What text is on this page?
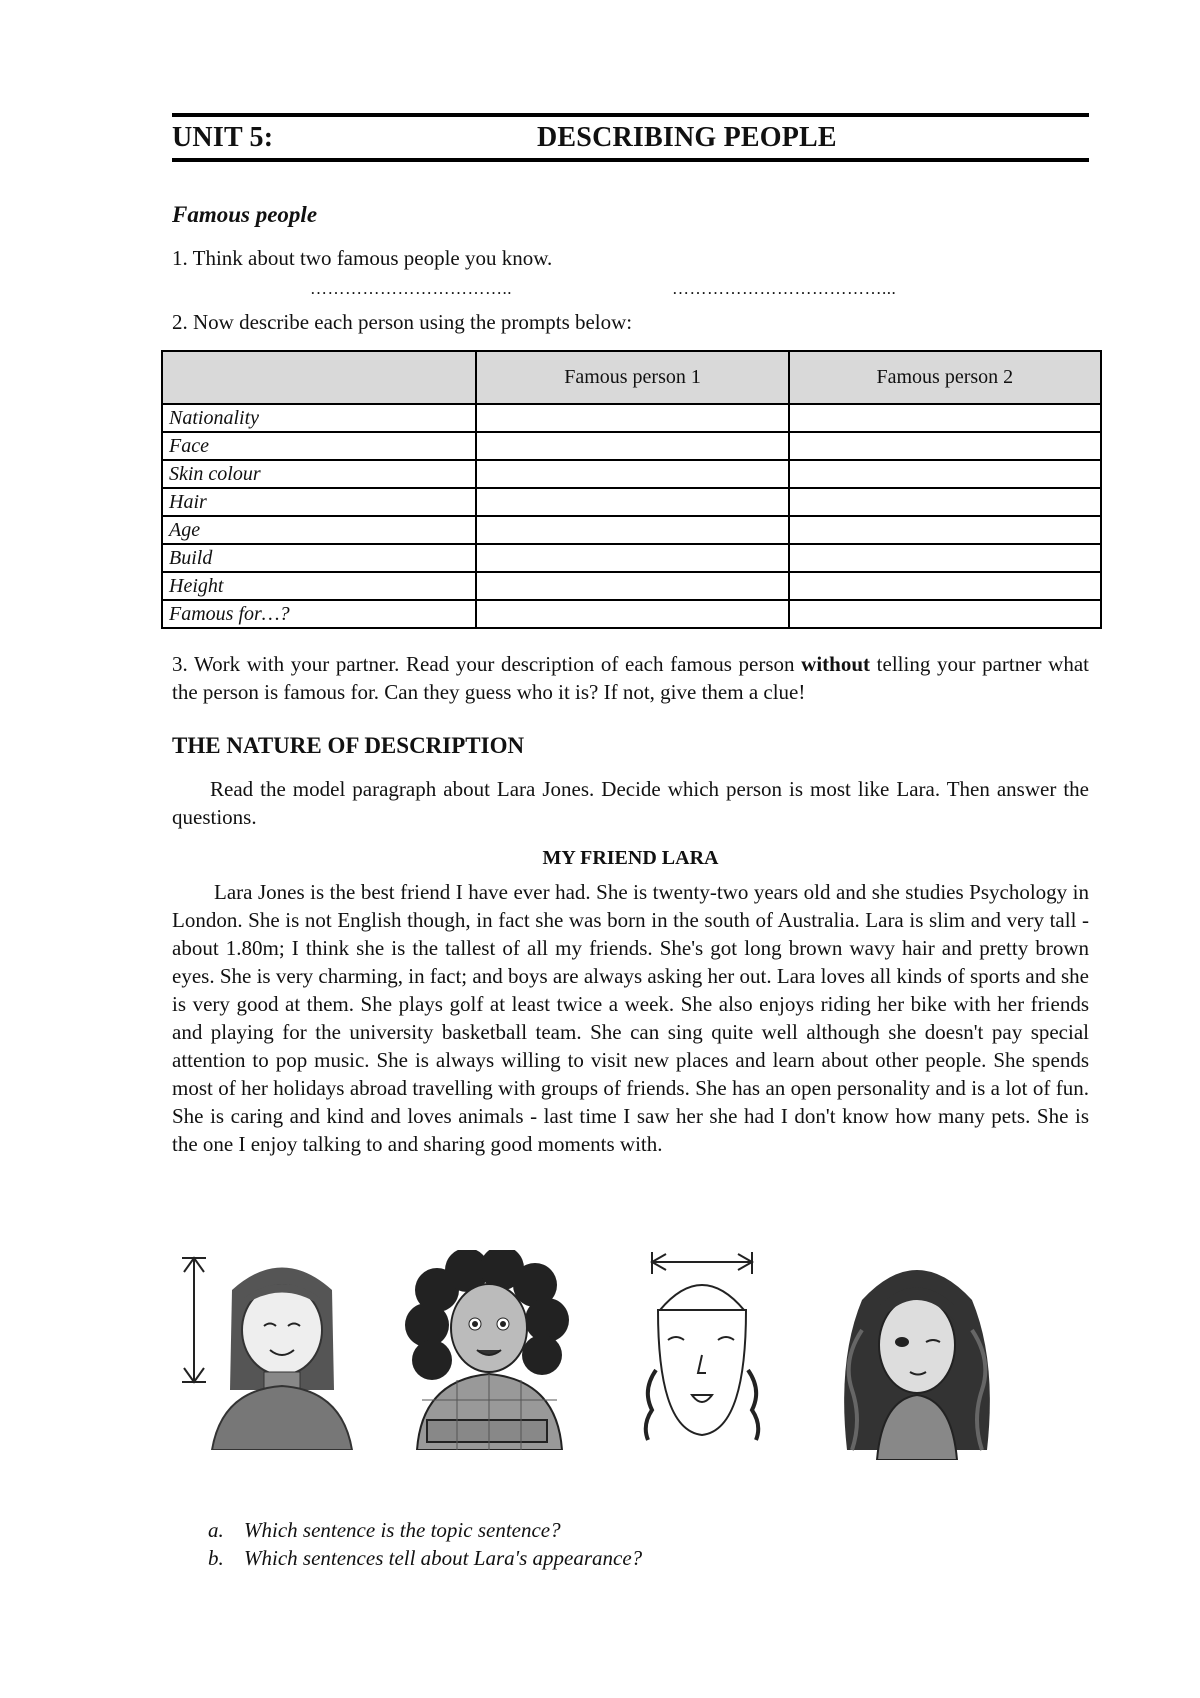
UNIT 5:	DESCRIBING PEOPLE
Famous people
1. Think about two famous people you know.
……………………………..	………………………………...
2. Now describe each person using the prompts below:
	Famous person 1	Famous person 2
Nationality		
Face		
Skin colour		
Hair		
Age		
Build		
Height		
Famous for…?		
3. Work with your partner. Read your description of each famous person without telling your partner what the person is famous for. Can they guess who it is? If not, give them a clue!
THE NATURE OF DESCRIPTION
Read the model paragraph about Lara Jones. Decide which person is most like Lara. Then answer the questions.
MY FRIEND LARA
Lara Jones is the best friend I have ever had. She is twenty-two years old and she studies Psychology in London. She is not English though, in fact she was born in the south of Australia. Lara is slim and very tall - about 1.80m; I think she is the tallest of all my friends. She's got long brown wavy hair and pretty brown eyes. She is very charming, in fact; and boys are always asking her out. Lara loves all kinds of sports and she is very good at them. She plays golf at least twice a week. She also enjoys riding her bike with her friends and playing for the university basketball team. She can sing quite well although she doesn't pay special attention to pop music. She is always willing to visit new places and learn about other people. She spends most of her holidays abroad travelling with groups of friends. She has an open personality and is a lot of fun. She is caring and kind and loves animals - last time I saw her she had I don't know how many pets. She is the one I enjoy talking to and sharing good moments with.
a. Which sentence is the topic sentence?
b. Which sentences tell about Lara's appearance?
